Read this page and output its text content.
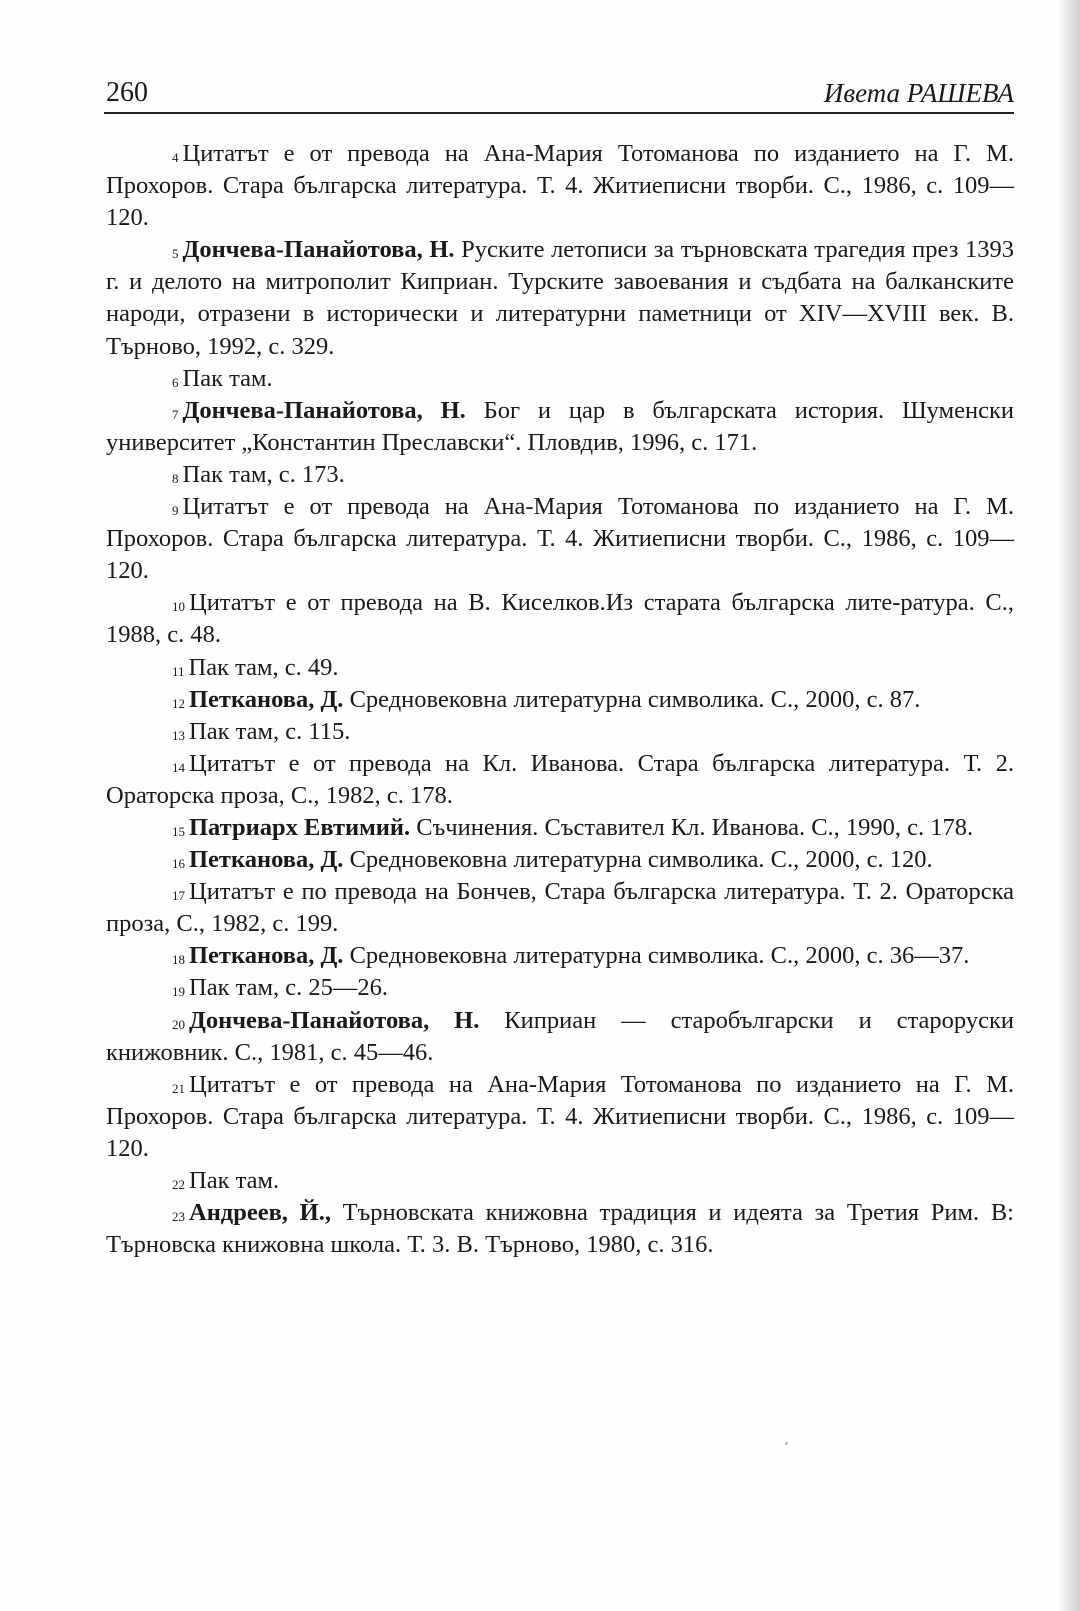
260	Ивета РАШЕВА

$^4$ Цитатът е от превода на Ана-Мария Тотоманова по изданието на Г. М. Прохоров. Стара българска литература. Т. 4. Житиеписни творби. С., 1986, с. 109—120.

$^5$ Дончева-Панайотова, Н. Руските летописи за търновската трагедия през 1393 г. и делото на митрополит Киприан. Турските завоевания и съдбата на балканските народи, отразени в исторически и литературни паметници от XIV—XVIII век. В. Търново, 1992, с. 329.

$^6$ Пак там.

$^7$ Дончева-Панайотова, Н. Бог и цар в българската история. Шуменски университет „Константин Преславски“. Пловдив, 1996, с. 171.

$^8$ Пак там, с. 173.

$^9$ Цитатът е от превода на Ана-Мария Тотоманова по изданието на Г. М. Прохоров. Стара българска литература. Т. 4. Житиеписни творби. С., 1986, с. 109—120.

$^{10}$ Цитатът е от превода на В. Киселков.Из старата българска лите-ратура. С., 1988, с. 48.

$^{11}$ Пак там, с. 49.

$^{12}$ Петканова, Д. Средновековна литературна символика. С., 2000, с. 87.

$^{13}$ Пак там, с. 115.

$^{14}$ Цитатът е от превода на Кл. Иванова. Стара българска литература. Т. 2. Ораторска проза, С., 1982, с. 178.

$^{15}$ Патриарх Евтимий. Съчинения. Съставител Кл. Иванова. С., 1990, с. 178.

$^{16}$ Петканова, Д. Средновековна литературна символика. С., 2000, с. 120.

$^{17}$ Цитатът е по превода на Бончев, Стара българска литература. Т. 2. Ораторска проза, С., 1982, с. 199.

$^{18}$ Петканова, Д. Средновековна литературна символика. С., 2000, с. 36—37.

$^{19}$ Пак там, с. 25—26.

$^{20}$ Дончева-Панайотова, Н. Киприан — старобългарски и староруски книжовник. С., 1981, с. 45—46.

$^{21}$ Цитатът е от превода на Ана-Мария Тотоманова по изданието на Г. М. Прохоров. Стара българска литература. Т. 4. Житиеписни творби. С., 1986, с. 109—120.

$^{22}$ Пак там.

$^{23}$ Андреев, Й., Търновската книжовна традиция и идеята за Третия Рим. В: Търновска книжовна школа. Т. 3. В. Търново, 1980, с. 316.
